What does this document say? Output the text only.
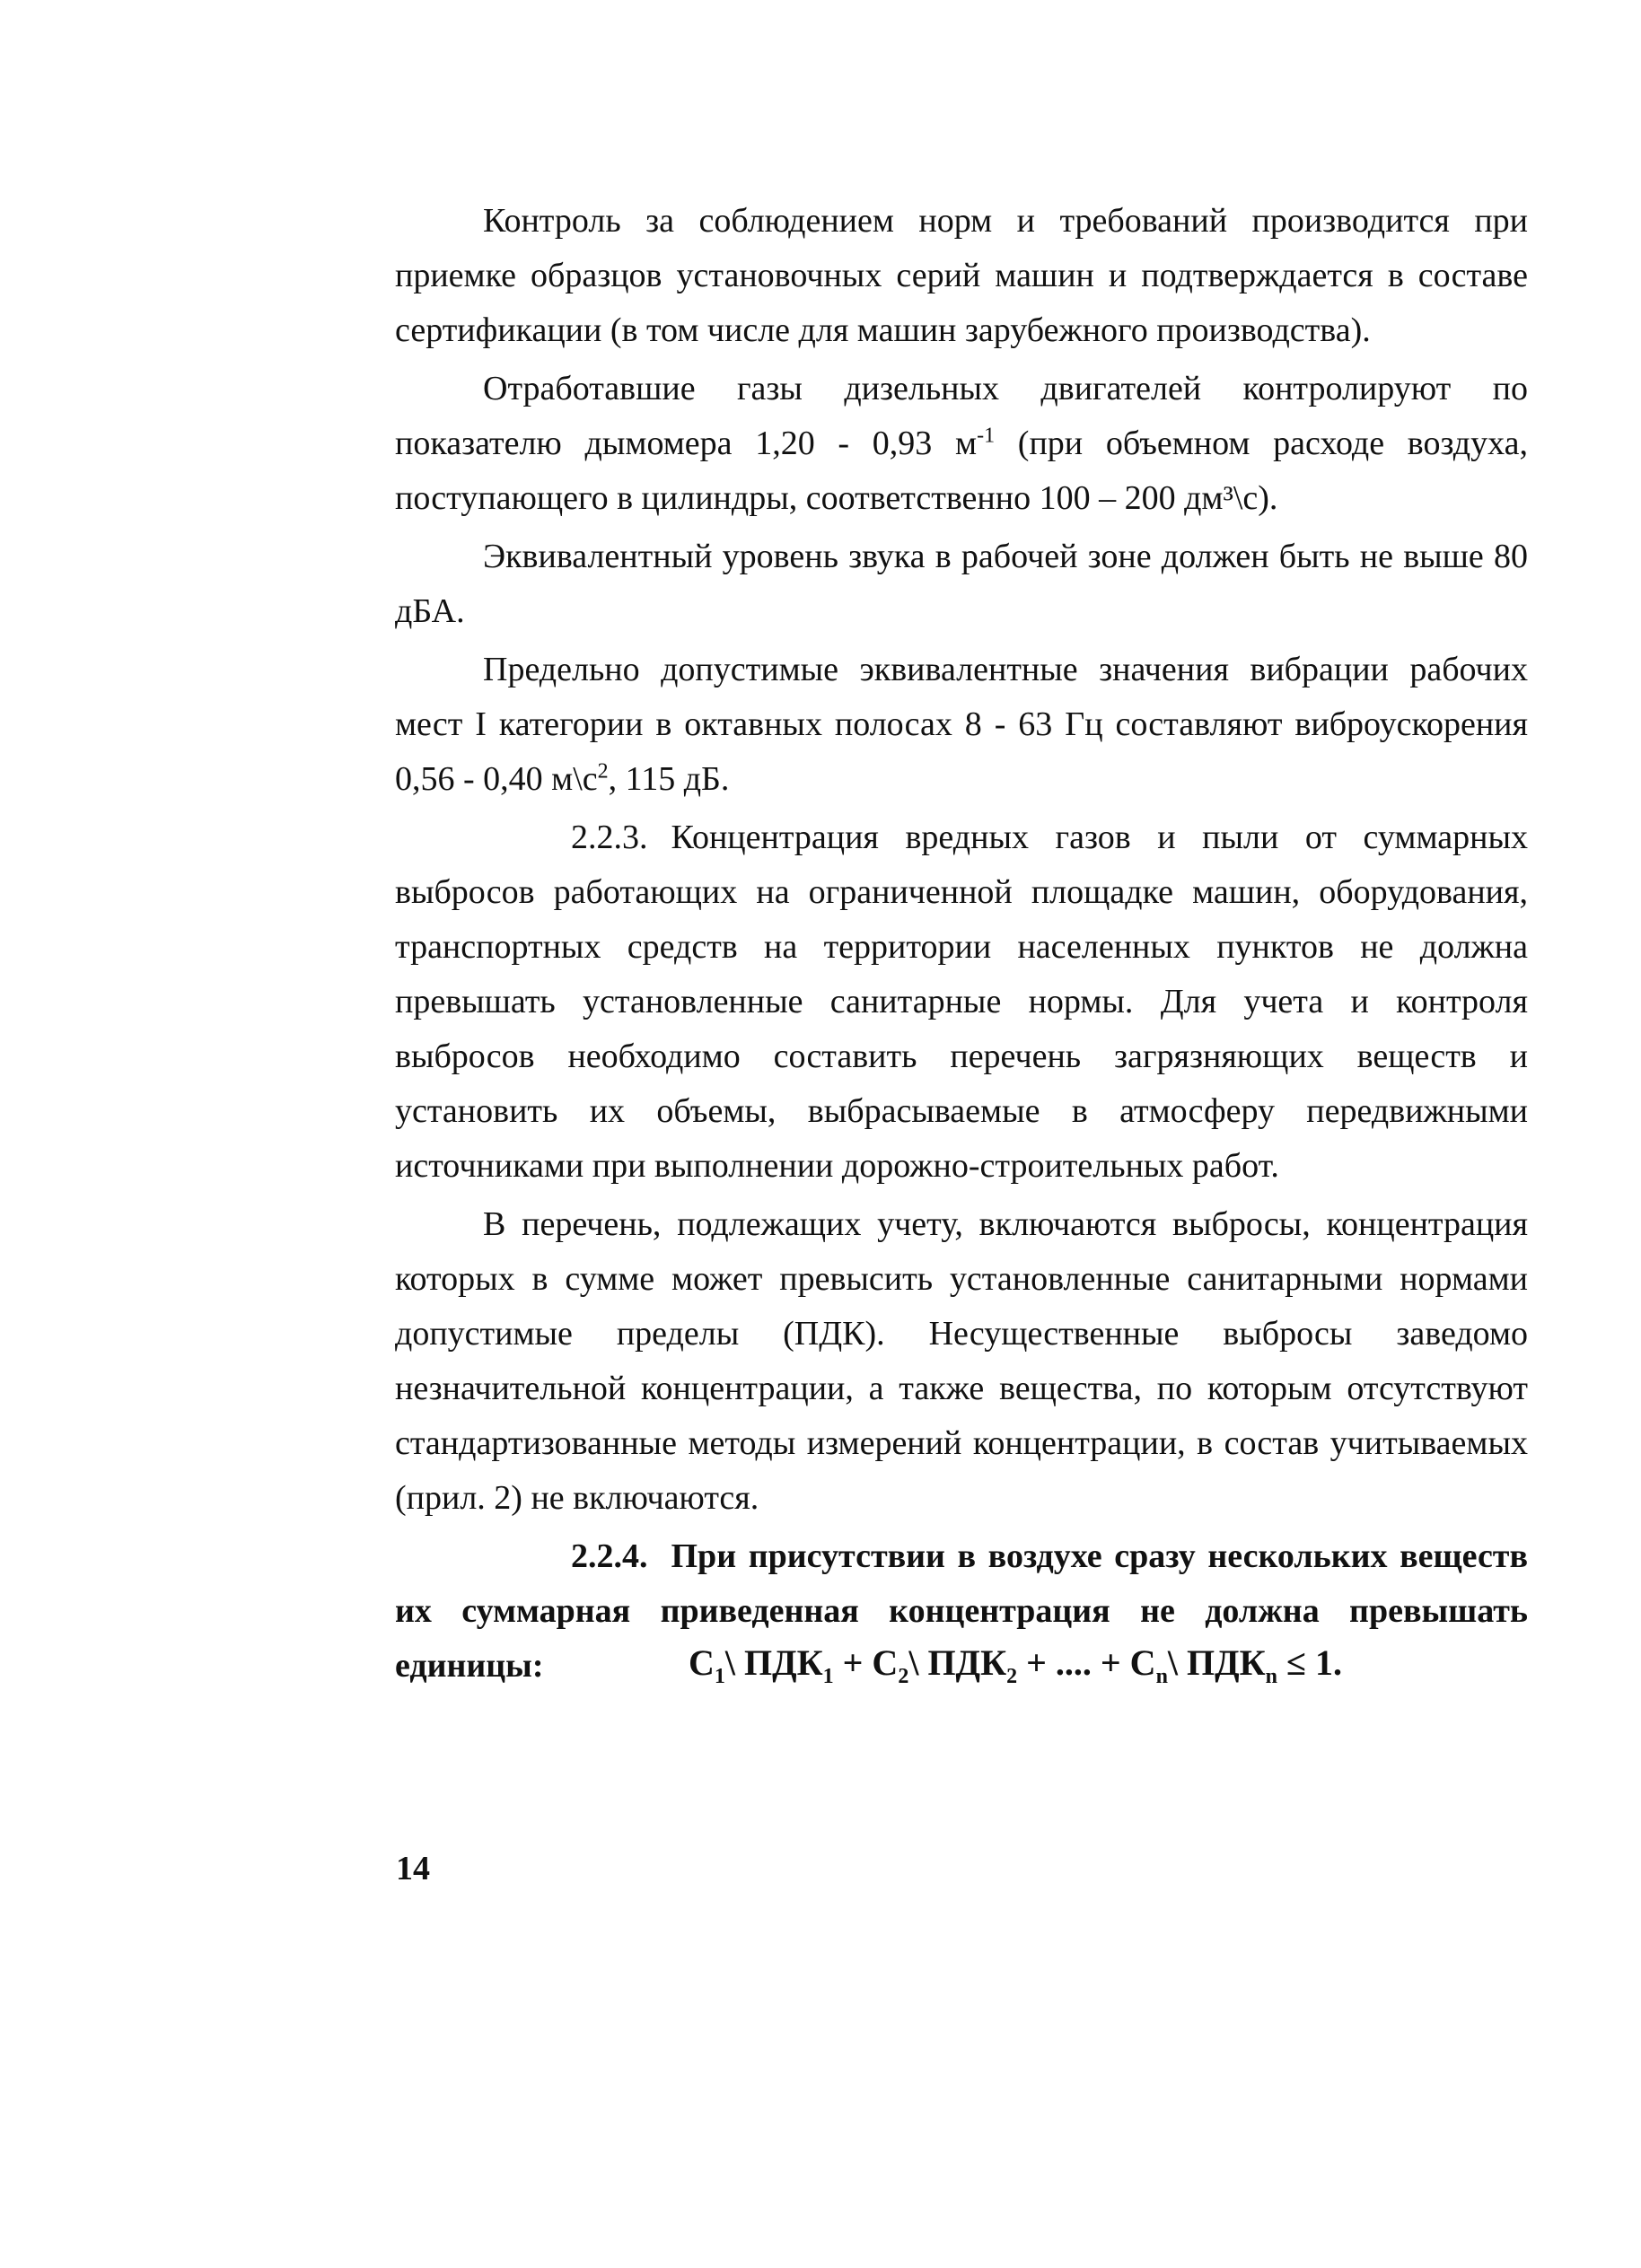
Контроль за соблюдением норм и требований производится при приемке образцов установочных серий машин и подтверждается в составе сертификации (в том числе для машин зарубежного производства).

Отработавшие газы дизельных двигателей контролируют по показателю дымомера 1,20 - 0,93 $м^{-1}$ (при объемном расходе воздуха, поступающего в цилиндры, соответственно 100 – 200 дм³\с).

Эквивалентный уровень звука в рабочей зоне должен быть не выше 80 дБА.

Предельно допустимые эквивалентные значения вибрации рабочих мест I категории в октавных полосах 8 - 63 Гц составляют виброускорения 0,56 - 0,40 $м\backslash с^2$, 115 дБ.

2.2.3. Концентрация вредных газов и пыли от суммарных выбросов работающих на ограниченной площадке машин, оборудования, транспортных средств на территории населенных пунктов не должна превышать установленные санитарные нормы. Для учета и контроля выбросов необходимо составить перечень загрязняющих веществ и установить их объемы, выбрасываемые в атмосферу передвижными источниками при выполнении дорожно-строительных работ.

В перечень, подлежащих учету, включаются выбросы, концентрация которых в сумме может превысить установленные санитарными нормами допустимые пределы (ПДК). Несущественные выбросы заведомо незначительной концентрации, а также вещества, по которым отсутствуют стандартизованные методы измерений концентрации, в состав учитываемых (прил. 2) не включаются.

2.2.4. При присутствии в воздухе сразу нескольких веществ их суммарная приведенная концентрация не должна превышать единицы:	$C_1\backslash$ $ПДК_1$ + $C_2\backslash$ $ПДК_2$ + .... + $C_n\backslash$ $ПДК_n \le 1$.
14
